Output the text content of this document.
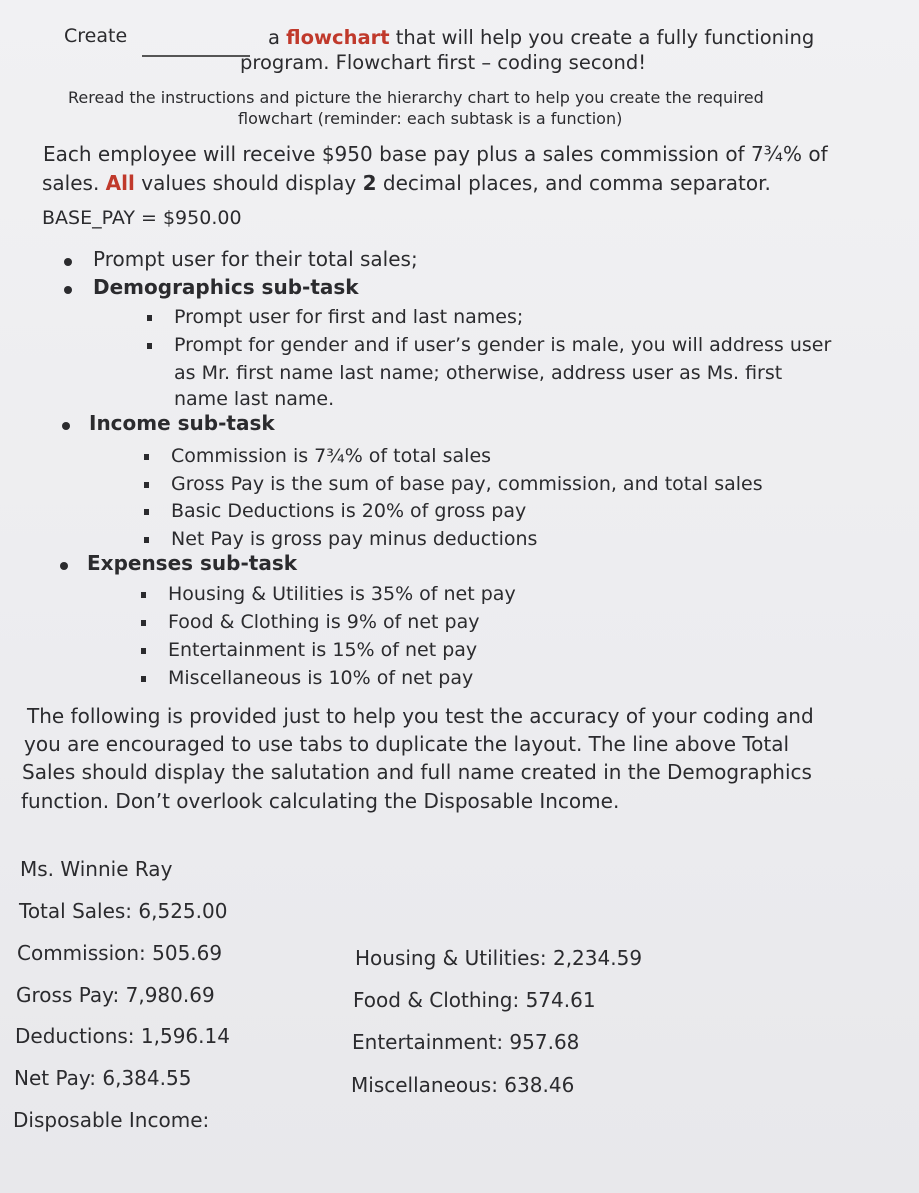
Create	a flowchart that will help you create a fully functioning
program. Flowchart first – coding second!
Reread the instructions and picture the hierarchy chart to help you create the required
flowchart (reminder: each subtask is a function)
Each employee will receive $950 base pay plus a sales commission of 7¾% of
sales. All values should display 2 decimal places, and comma separator.
BASE_PAY = $950.00
Prompt user for their total sales;
Demographics sub-task
Prompt user for first and last names;
Prompt for gender and if user’s gender is male, you will address user
as Mr. first name last name; otherwise, address user as Ms. first
name last name.
Income sub-task
Commission is 7¾% of total sales
Gross Pay is the sum of base pay, commission, and total sales
Basic Deductions is 20% of gross pay
Net Pay is gross pay minus deductions
Expenses sub-task
Housing & Utilities is 35% of net pay
Food & Clothing is 9% of net pay
Entertainment is 15% of net pay
Miscellaneous is 10% of net pay
The following is provided just to help you test the accuracy of your coding and
you are encouraged to use tabs to duplicate the layout. The line above Total
Sales should display the salutation and full name created in the Demographics
function. Don’t overlook calculating the Disposable Income.
Ms. Winnie Ray
Total Sales: 6,525.00
Commission: 505.69
Gross Pay: 7,980.69
Deductions: 1,596.14
Net Pay: 6,384.55
Disposable Income:
Housing & Utilities: 2,234.59
Food & Clothing: 574.61
Entertainment: 957.68
Miscellaneous: 638.46
